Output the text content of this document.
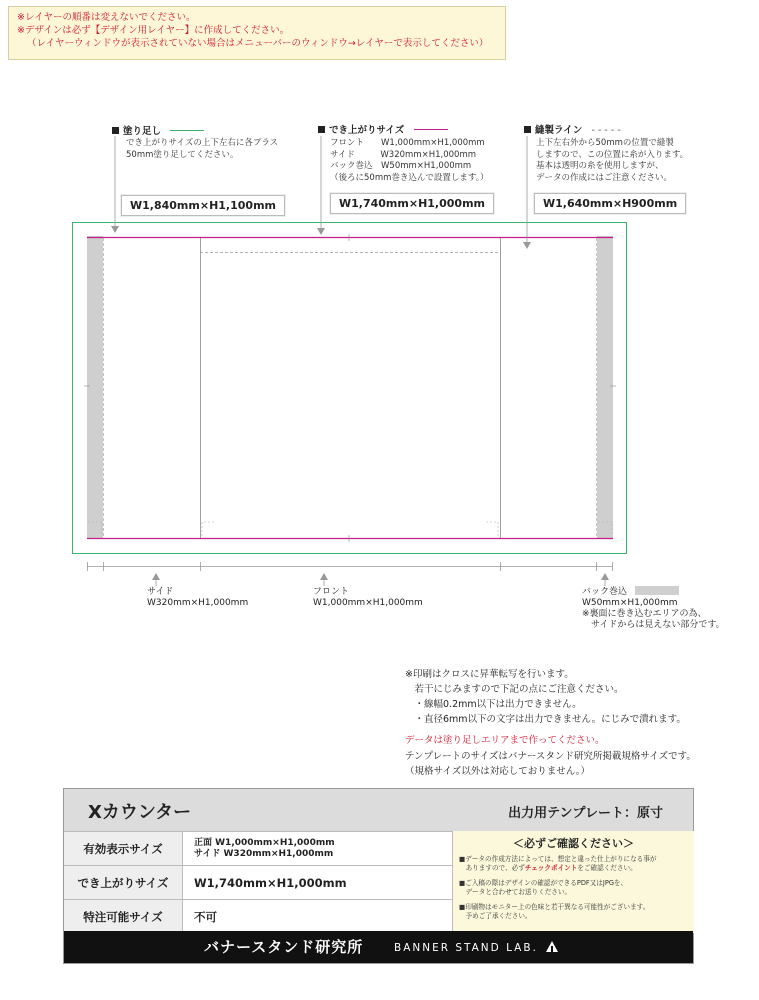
※レイヤーの順番は変えないでください。
※デザインは必ず【デザイン用レイヤー】に作成してください。
（レイヤーウィンドウが表示されていない場合はメニューバーのウィンドウ→レイヤーで表示してください）
塗り足し
でき上がりサイズの上下左右に各プラス
50mm塗り足してください。
W1,840mm×H1,100mm
でき上がりサイズ
フロント　　W1,000mm×H1,000mm
サイド　　　W320mm×H1,000mm
バック巻込　W50mm×H1,000mm
（後ろに50mm巻き込んで設置します。）
W1,740mm×H1,000mm
縫製ライン - - - - -
上下左右外から50mmの位置で縫製
しますので、この位置に糸が入ります。
基本は透明の糸を使用しますが、
データの作成にはご注意ください。
W1,640mm×H900mm
サイド
W320mm×H1,000mm
フロント
W1,000mm×H1,000mm
バック巻込
W50mm×H1,000mm
※裏面に巻き込むエリアの為、
　サイドからは見えない部分です。
※印刷はクロスに昇華転写を行います。
　若干にじみますので下記の点にご注意ください。
　・線幅0.2mm以下は出力できません。
　・直径6mm以下の文字は出力できません。にじみで潰れます。
データは塗り足しエリアまで作ってください。
テンプレートのサイズはバナースタンド研究所掲載規格サイズです。
（規格サイズ以外は対応しておりません。）
Xカウンター	出力用テンプレート：原寸
有効表示サイズ	正面 W1,000mm×H1,000mm
サイド W320mm×H1,000mm
でき上がりサイズ	W1,740mm×H1,000mm
特注可能サイズ	不可
＜必ずご確認ください＞
■データの作成方法によっては、想定と違った仕上がりになる事が
　ありますので、必ずチェックポイントをご確認ください。
■ご入稿の際はデザインの確認ができるPDF又はJPGを、
　データと合わせてお送りください。
■印刷物はモニター上の色味と若干異なる可能性がございます。
　予めご了承ください。
バナースタンド研究所	BANNER STAND LAB.
